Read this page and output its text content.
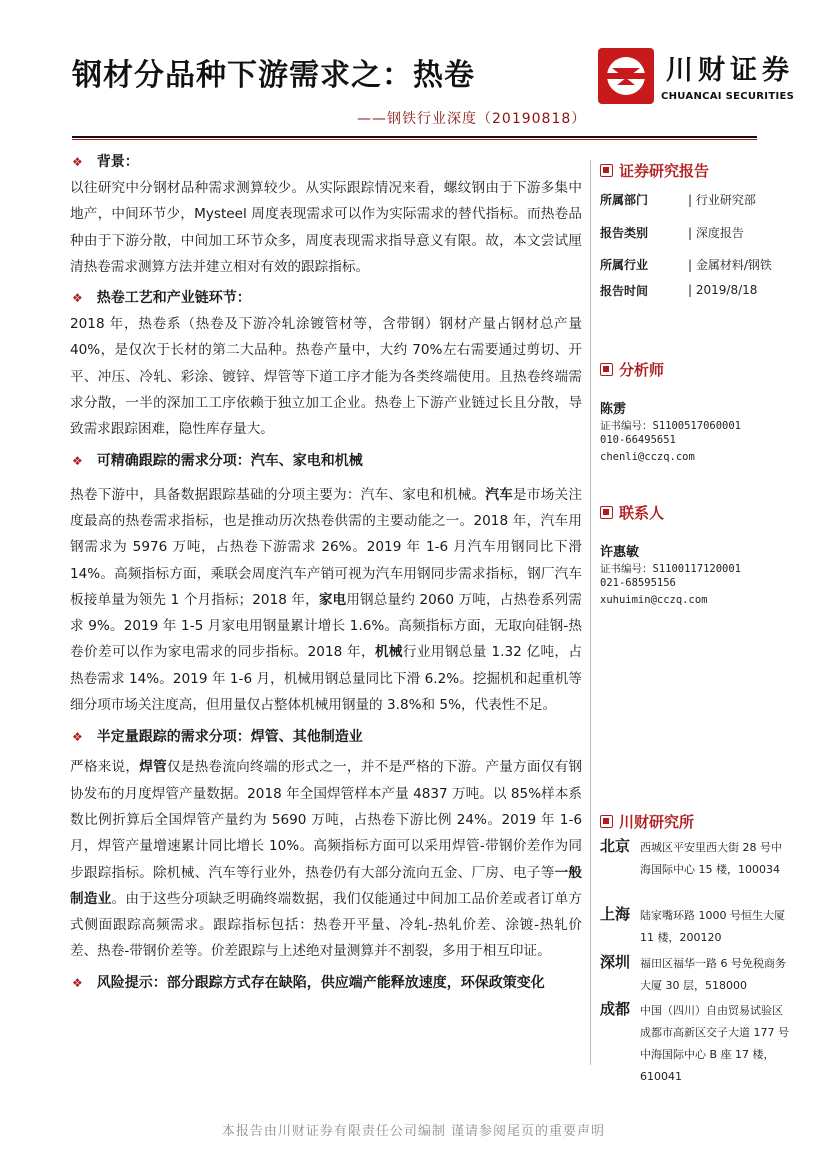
钢材分品种下游需求之：热卷
——钢铁行业深度（20190818）
川财证券
CHUANCAI SECURITIES
❖ 背景：

以往研究中分钢材品种需求测算较少。从实际跟踪情况来看，螺纹钢由于下游多集中地产，中间环节少，Mysteel 周度表现需求可以作为实际需求的替代指标。而热卷品种由于下游分散，中间加工环节众多，周度表现需求指导意义有限。故，本文尝试厘清热卷需求测算方法并建立相对有效的跟踪指标。

❖ 热卷工艺和产业链环节：

2018 年，热卷系（热卷及下游冷轧涂镀管材等，含带钢）钢材产量占钢材总产量 40%，是仅次于长材的第二大品种。热卷产量中，大约 70%左右需要通过剪切、开平、冲压、冷轧、彩涂、镀锌、焊管等下道工序才能为各类终端使用。且热卷终端需求分散，一半的深加工工序依赖于独立加工企业。热卷上下游产业链过长且分散，导致需求跟踪困难，隐性库存量大。

❖ 可精确跟踪的需求分项：汽车、家电和机械

热卷下游中，具备数据跟踪基础的分项主要为：汽车、家电和机械。汽车是市场关注度最高的热卷需求指标，也是推动历次热卷供需的主要动能之一。2018 年，汽车用钢需求为 5976 万吨，占热卷下游需求 26%。2019 年 1-6 月汽车用钢同比下滑 14%。高频指标方面，乘联会周度汽车产销可视为汽车用钢同步需求指标，钢厂汽车板接单量为领先 1 个月指标；2018 年，家电用钢总量约 2060 万吨，占热卷系列需求 9%。2019 年 1-5 月家电用钢量累计增长 1.6%。高频指标方面，无取向硅钢-热卷价差可以作为家电需求的同步指标。2018 年，机械行业用钢总量 1.32 亿吨，占热卷需求 14%。2019 年 1-6 月，机械用钢总量同比下滑 6.2%。挖掘机和起重机等细分项市场关注度高，但用量仅占整体机械用钢量的 3.8%和 5%，代表性不足。

❖ 半定量跟踪的需求分项：焊管、其他制造业

严格来说，焊管仅是热卷流向终端的形式之一，并不是严格的下游。产量方面仅有钢协发布的月度焊管产量数据。2018 年全国焊管样本产量 4837 万吨。以 85%样本系数比例折算后全国焊管产量约为 5690 万吨，占热卷下游比例 24%。2019 年 1-6 月，焊管产量增速累计同比增长 10%。高频指标方面可以采用焊管-带钢价差作为同步跟踪指标。除机械、汽车等行业外，热卷仍有大部分流向五金、厂房、电子等一般制造业。由于这些分项缺乏明确终端数据，我们仅能通过中间加工品价差或者订单方式侧面跟踪高频需求。跟踪指标包括：热卷开平量、冷轧-热轧价差、涂镀-热轧价差、热卷-带钢价差等。价差跟踪与上述绝对量测算并不割裂，多用于相互印证。

❖ 风险提示：部分跟踪方式存在缺陷，供应端产能释放速度，环保政策变化
证券研究报告
所属部门	| 行业研究部
报告类别	| 深度报告
所属行业	| 金属材料/钢铁
报告时间	| 2019/8/18
分析师
陈雳
证书编号：S1100517060001
010-66495651
chenli@cczq.com
联系人
许惠敏
证书编号：S1100117120001
021-68595156
xuhuimin@cczq.com
川财研究所
北京 西城区平安里西大街 28 号中海国际中心 15 楼，100034
上海 陆家嘴环路 1000 号恒生大厦 11 楼，200120
深圳 福田区福华一路 6 号免税商务大厦 30 层，518000
成都 中国（四川）自由贸易试验区成都市高新区交子大道 177 号中海国际中心 B 座 17 楼，610041
本报告由川财证券有限责任公司编制 谨请参阅尾页的重要声明
